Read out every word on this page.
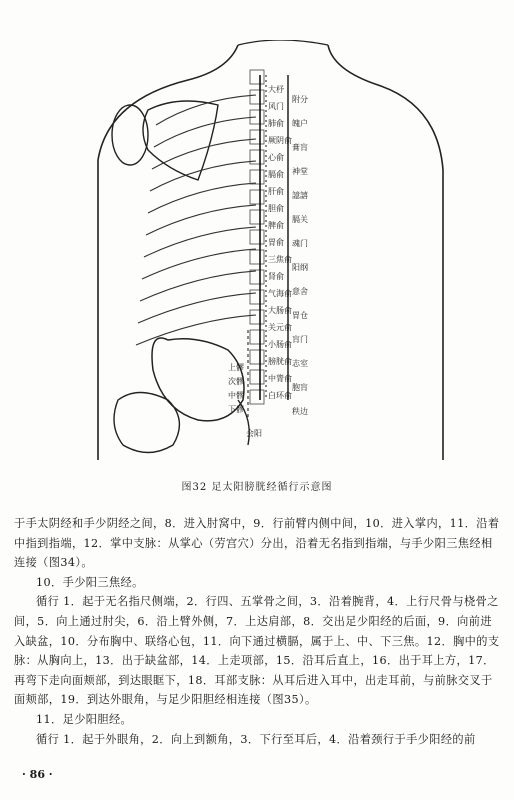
大杼
风门
肺俞
厥阴俞
心俞
膈俞
肝俞
胆俞
脾俞
胃俞
三焦俞
肾俞
气海俞
大肠俞
关元俞
小肠俞
膀胱俞
中膂俞
白环俞
附分
魄户
膏肓
神堂
譩譆
膈关
魂门
阳纲
意舍
胃仓
肓门
志室
胞肓
秩边
上髎
次髎
中髎
下髎
会阳
图32 足太阳膀胱经循行示意图

于手太阴经和手少阴经之间，8．进入肘窝中，9．行前臂内侧中间，10．进入掌内，11．沿着中指到指端，12．掌中支脉：从掌心（劳宫穴）分出，沿着无名指到指端，与手少阳三焦经相连接（图34）。

10．手少阳三焦经。

循行 1．起于无名指尺侧端，2．行四、五掌骨之间，3．沿着腕背，4．上行尺骨与桡骨之间，5．向上通过肘尖，6．沿上臂外侧，7．上达肩部，8．交出足少阳经的后面，9．向前进入缺盆，10．分布胸中、联络心包，11．向下通过横膈，属于上、中、下三焦。12．胸中的支脉：从胸向上，13．出于缺盆部，14．上走项部，15．沿耳后直上，16．出于耳上方，17．再弯下走向面颊部，到达眼眶下，18．耳部支脉：从耳后进入耳中，出走耳前，与前脉交叉于面颊部，19．到达外眼角，与足少阳胆经相连接（图35）。

11．足少阳胆经。

循行 1．起于外眼角，2．向上到额角，3．下行至耳后，4．沿着颈行于手少阳经的前

· 86 ·
